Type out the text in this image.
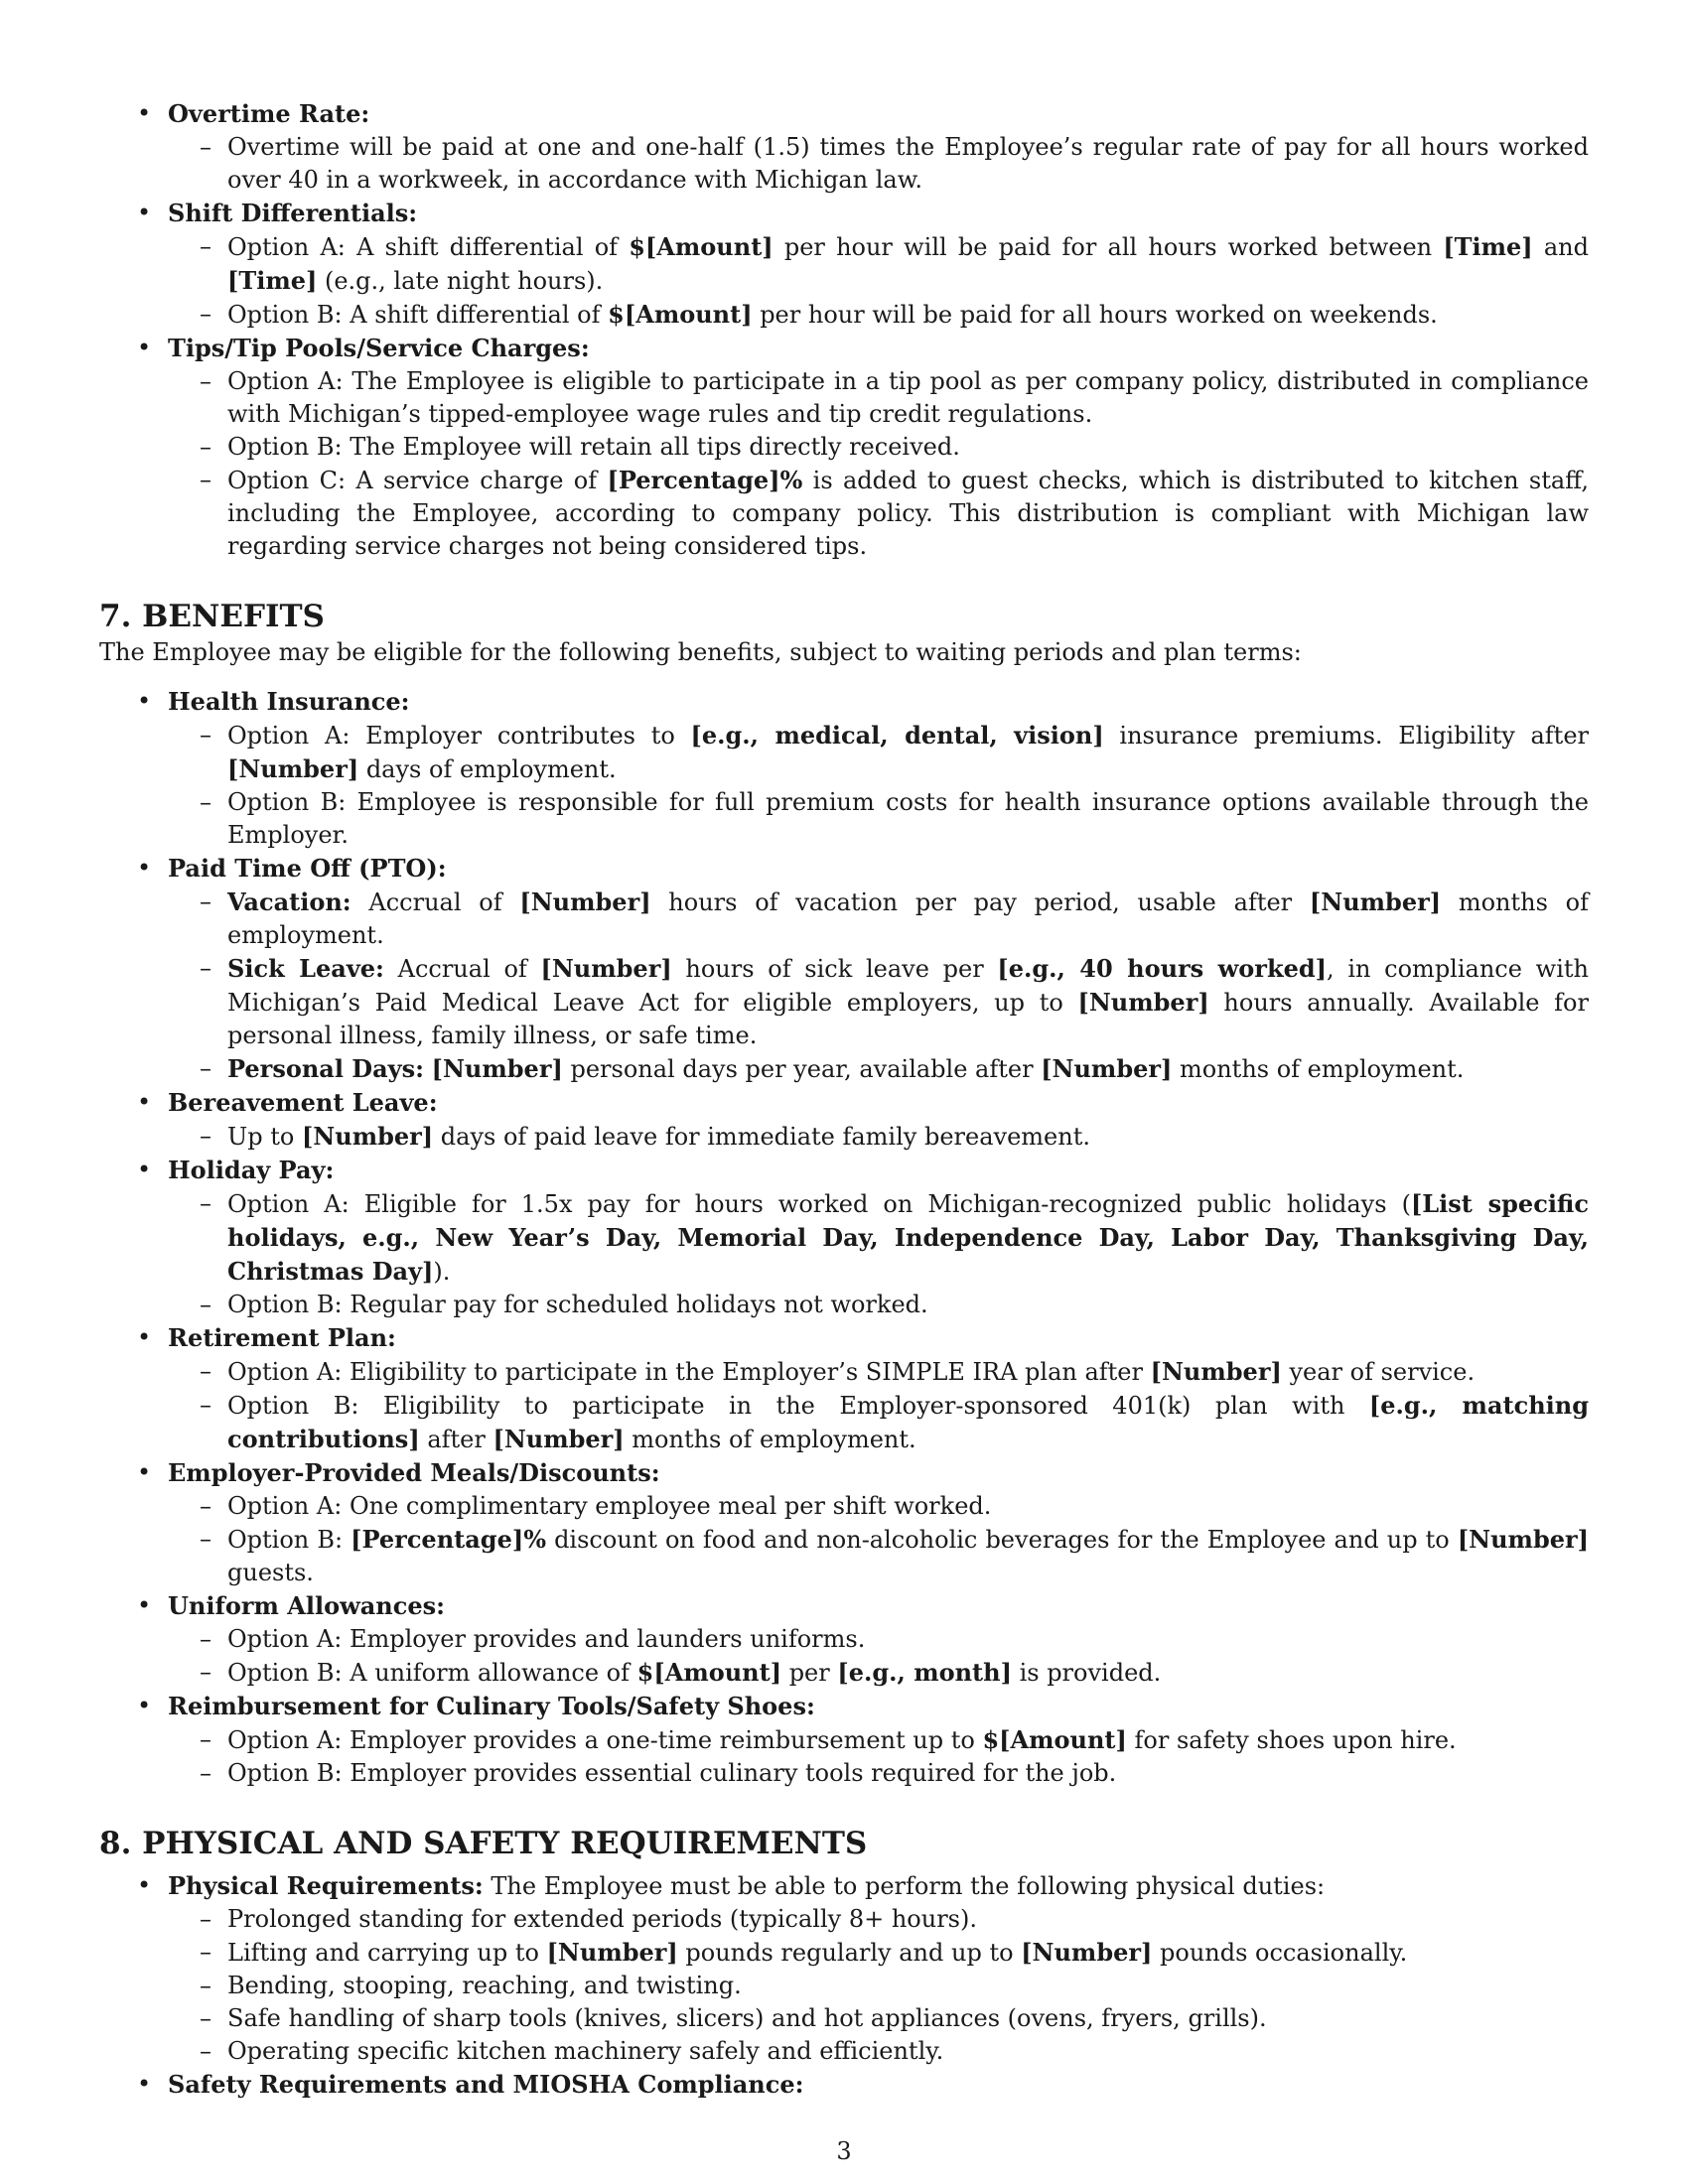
• Overtime Rate:
– Overtime will be paid at one and one-half (1.5) times the Employee’s regular rate of pay for all hours worked over 40 in a workweek, in accordance with Michigan law.
• Shift Differentials:
– Option A: A shift differential of $[Amount] per hour will be paid for all hours worked between [Time] and [Time] (e.g., late night hours).
– Option B: A shift differential of $[Amount] per hour will be paid for all hours worked on weekends.
• Tips/Tip Pools/Service Charges:
– Option A: The Employee is eligible to participate in a tip pool as per company policy, distributed in compliance with Michigan’s tipped-employee wage rules and tip credit regulations.
– Option B: The Employee will retain all tips directly received.
– Option C: A service charge of [Percentage]% is added to guest checks, which is distributed to kitchen staff, including the Employee, according to company policy. This distribution is compliant with Michigan law regarding service charges not being considered tips.
7. BENEFITS

The Employee may be eligible for the following benefits, subject to waiting periods and plan terms:

• Health Insurance:
– Option A: Employer contributes to [e.g., medical, dental, vision] insurance premiums. Eligibility after [Number] days of employment.
– Option B: Employee is responsible for full premium costs for health insurance options available through the Employer.
• Paid Time Off (PTO):
– Vacation: Accrual of [Number] hours of vacation per pay period, usable after [Number] months of employment.
– Sick Leave: Accrual of [Number] hours of sick leave per [e.g., 40 hours worked], in compliance with Michigan’s Paid Medical Leave Act for eligible employers, up to [Number] hours annually. Available for personal illness, family illness, or safe time.
– Personal Days: [Number] personal days per year, available after [Number] months of employment.
• Bereavement Leave:
– Up to [Number] days of paid leave for immediate family bereavement.
• Holiday Pay:
– Option A: Eligible for 1.5x pay for hours worked on Michigan-recognized public holidays ([List specific holidays, e.g., New Year’s Day, Memorial Day, Independence Day, Labor Day, Thanksgiving Day, Christmas Day]).
– Option B: Regular pay for scheduled holidays not worked.
• Retirement Plan:
– Option A: Eligibility to participate in the Employer’s SIMPLE IRA plan after [Number] year of service.
– Option B: Eligibility to participate in the Employer-sponsored 401(k) plan with [e.g., matching contributions] after [Number] months of employment.
• Employer-Provided Meals/Discounts:
– Option A: One complimentary employee meal per shift worked.
– Option B: [Percentage]% discount on food and non-alcoholic beverages for the Employee and up to [Number] guests.
• Uniform Allowances:
– Option A: Employer provides and launders uniforms.
– Option B: A uniform allowance of $[Amount] per [e.g., month] is provided.
• Reimbursement for Culinary Tools/Safety Shoes:
– Option A: Employer provides a one-time reimbursement up to $[Amount] for safety shoes upon hire.
– Option B: Employer provides essential culinary tools required for the job.
8. PHYSICAL AND SAFETY REQUIREMENTS
• Physical Requirements: The Employee must be able to perform the following physical duties:
– Prolonged standing for extended periods (typically 8+ hours).
– Lifting and carrying up to [Number] pounds regularly and up to [Number] pounds occasionally.
– Bending, stooping, reaching, and twisting.
– Safe handling of sharp tools (knives, slicers) and hot appliances (ovens, fryers, grills).
– Operating specific kitchen machinery safely and efficiently.
• Safety Requirements and MIOSHA Compliance:
3
